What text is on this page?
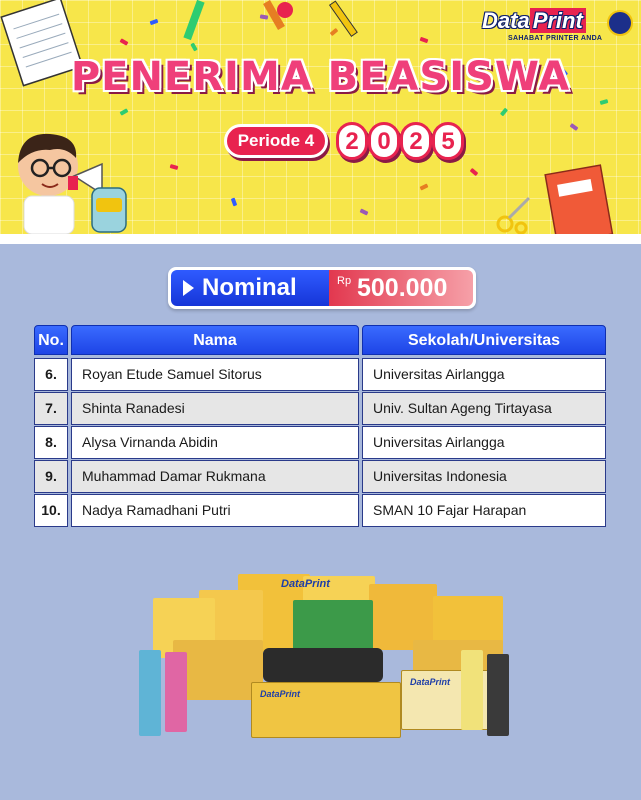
PENERIMA BEASISWA
Periode 4	2 0 2 5
Data Print
SAHABAT PRINTER ANDA
Nominal	Rp 500.000
No.	Nama	Sekolah/Universitas
6.	Royan Etude Samuel Sitorus	Universitas Airlangga
7.	Shinta Ranadesi	Univ. Sultan Ageng Tirtayasa
8.	Alysa Virnanda Abidin	Universitas Airlangga
9.	Muhammad Damar Rukmana	Universitas Indonesia
10.	Nadya Ramadhani Putri	SMAN 10 Fajar Harapan
DataPrint
DataPrint
DataPrint
